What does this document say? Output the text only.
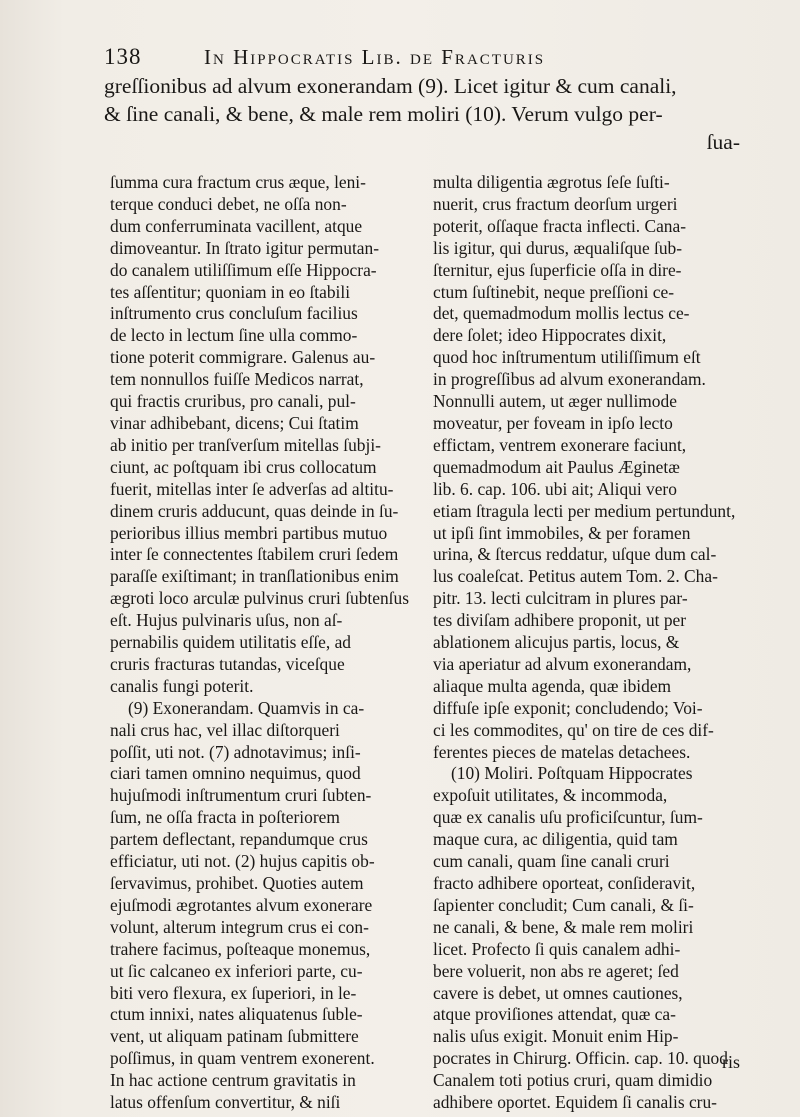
138	In Hippocratis Lib. de Fracturis
greſſionibus ad alvum exonerandam (9). Licet igitur & cum canali,
& ſine canali, & bene, & male rem moliri (10). Verum vulgo per-
ſua-
ſumma cura fractum crus æque, leni-
terque conduci debet, ne oſſa non-
dum conferruminata vacillent, atque
dimoveantur. In ſtrato igitur permutan-
do canalem utiliſſimum eſſe Hippocra-
tes aſſentitur; quoniam in eo ſtabili
inſtrumento crus concluſum facilius
de lecto in lectum ſine ulla commo-
tione poterit commigrare. Galenus au-
tem nonnullos fuiſſe Medicos narrat,
qui fractis cruribus, pro canali, pul-
vinar adhibebant, dicens; Cui ſtatim
ab initio per tranſverſum mitellas ſubji-
ciunt, ac poſtquam ibi crus collocatum
fuerit, mitellas inter ſe adverſas ad altitu-
dinem cruris adducunt, quas deinde in ſu-
perioribus illius membri partibus mutuo
inter ſe connectentes ſtabilem cruri ſedem
paraſſe exiſtimant; in tranſlationibus enim
ægroti loco arculæ pulvinus cruri ſubtenſus
eſt. Hujus pulvinaris uſus, non aſ-
pernabilis quidem utilitatis eſſe, ad
cruris fracturas tutandas, viceſque
canalis fungi poterit.
(9) Exonerandam. Quamvis in ca-
nali crus hac, vel illac diſtorqueri
poſſit, uti not. (7) adnotavimus; inſi-
ciari tamen omnino nequimus, quod
hujuſmodi inſtrumentum cruri ſubten-
ſum, ne oſſa fracta in poſteriorem
partem deflectant, repandumque crus
efficiatur, uti not. (2) hujus capitis ob-
ſervavimus, prohibet. Quoties autem
ejuſmodi ægrotantes alvum exonerare
volunt, alterum integrum crus ei con-
trahere facimus, poſteaque monemus,
ut ſic calcaneo ex inferiori parte, cu-
biti vero flexura, ex ſuperiori, in le-
ctum innixi, nates aliquatenus ſuble-
vent, ut aliquam patinam ſubmittere
poſſimus, in quam ventrem exonerent.
In hac actione centrum gravitatis in
latus offenſum convertitur, & niſi
multa diligentia ægrotus ſeſe ſuſti-
nuerit, crus fractum deorſum urgeri
poterit, oſſaque fracta inflecti. Cana-
lis igitur, qui durus, æqualiſque ſub-
ſternitur, ejus ſuperficie oſſa in dire-
ctum ſuſtinebit, neque preſſioni ce-
det, quemadmodum mollis lectus ce-
dere ſolet; ideo Hippocrates dixit,
quod hoc inſtrumentum utiliſſimum eſt
in progreſſibus ad alvum exonerandam.
Nonnulli autem, ut æger nullimode
moveatur, per foveam in ipſo lecto
effictam, ventrem exonerare faciunt,
quemadmodum ait Paulus Æginetæ
lib. 6. cap. 106. ubi ait; Aliqui vero
etiam ſtragula lecti per medium pertundunt,
ut ipſi ſint immobiles, & per foramen
urina, & ſtercus reddatur, uſque dum cal-
lus coaleſcat. Petitus autem Tom. 2. Cha-
pitr. 13. lecti culcitram in plures par-
tes diviſam adhibere proponit, ut per
ablationem alicujus partis, locus, &
via aperiatur ad alvum exonerandam,
aliaque multa agenda, quæ ibidem
diffuſe ipſe exponit; concludendo; Voi-
ci les commodites, qu' on tire de ces dif-
ferentes pieces de matelas detachees.
(10) Moliri. Poſtquam Hippocrates
expoſuit utilitates, & incommoda,
quæ ex canalis uſu proficiſcuntur, ſum-
maque cura, ac diligentia, quid tam
cum canali, quam ſine canali cruri
fracto adhibere oporteat, conſideravit,
ſapienter concludit; Cum canali, & ſi-
ne canali, & bene, & male rem moliri
licet. Profecto ſi quis canalem adhi-
bere voluerit, non abs re ageret; ſed
cavere is debet, ut omnes cautiones,
atque proviſiones attendat, quæ ca-
nalis uſus exigit. Monuit enim Hip-
pocrates in Chirurg. Officin. cap. 10. quod
Canalem toti potius cruri, quam dimidio
adhibere oportet. Equidem ſi canalis cru-
ris
